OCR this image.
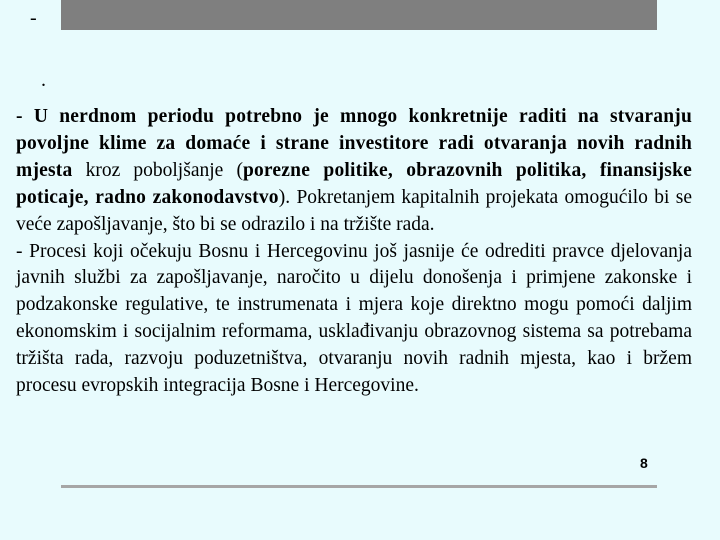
-
.

- U nerdnom periodu potrebno je mnogo konkretnije raditi na stvaranju povoljne klime za domaće i strane investitore radi otvaranja novih radnih mjesta kroz poboljšanje (porezne politike, obrazovnih politika, finansijske poticaje, radno zakonodavstvo). Pokretanjem kapitalnih projekata omogućilo bi se veće zapošljavanje, što bi se odrazilo i na tržište rada.

- Procesi koji očekuju Bosnu i Hercegovinu još jasnije će odrediti pravce djelovanja javnih službi za zapošljavanje, naročito u dijelu donošenja i primjene zakonske i podzakonske regulative, te instrumenata i mjera koje direktno mogu pomoći daljim ekonomskim i socijalnim reformama, usklađivanju obrazovnog sistema sa potrebama tržišta rada, razvoju poduzetništva, otvaranju novih radnih mjesta, kao i bržem procesu evropskih integracija Bosne i Hercegovine.

8
